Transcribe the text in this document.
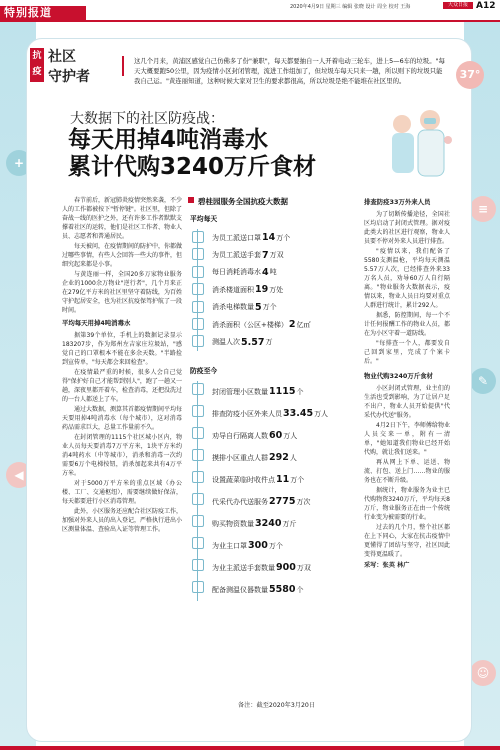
特别报道	2020年4月9日 星期三 编辑 张晓 设计 周全 校对 王海	大众日报 A12
+
◀
≡
✎
☺
抗疫
社区
守护者
这几个月来，黄浦区感觉自己仿佛多了份"兼职"，每天都要抽自一人开着电动三轮车，进上5—6车的垃圾。"每天大概要跑50公里，因为疫情小区封闭管理，流进工作组加了，但垃圾车每天只来一趟，所以则下的垃圾只能我自己运。"黄连丽知道，这种时候大家对卫生的要求都很高，所以垃圾是绝不能堆在社区里的。	37°
大数据下的社区防疫战：
每天用掉4吨消毒水
累计代购3240万斤食材

春节前后，新冠肺炎疫情突然来袭，不少人的工作都被按下"暂停键"。社区里，但除了奋战一线的医护之外，还有许多工作者默默支撑着社区的运转，他们是社区工作者、物业人员、志愿者和普通居民。

每天被问，在疫情期间的防护中，你都做过哪些事情，有些人会回答一些大的事件，但细究起来都是小事。

与黄连丽一样，全国20多万家物业服务企业的1000余万物业"逆行者"，几个月来正在279亿平方米的社区里坚守着防线，为百姓守护起居安全，也为社区抗疫保驾护航了一段时间。

平均每天用掉4吨消毒水

据第39个单位，手机上的数据记录显示183207步，作为郑州左吉家庄垃圾站，"感觉自己的口罩根本不能在多余天数。"半路捡到宣传单，"每天都会来回检查"。

在疫情最严重的时候，很多人会自己觉得"保护好自己才能帮到别人"，跑了一趟又一趟，深夜里都开着车，检查消毒，还把没洗过的一台人都送上了车。

通过大数据，测算其首都疫情期间平均每天要用掉4吨消毒水（每个城市），这对消毒药品需求巨大，总量工作量前不久。

在封闭管理的1115个社区城小区内，物业人员每天要消毒7万平方米，1块平方米约消4吨药水（中等城市），消杀和消毒一次约需要6万个电梯按钮，消杀加起来共有4万平方米。

对于5000万平方米的重点区域（办公楼、工厂、交通枢纽），需要继续做好保洁，每天都要进行小区消毒管理。

此外，小区服务还应配合社区防疫工作，加强对外来人员的出入登记，严格执行进出小区测量体温、查验出入证等管理工作。

碧桂园服务全国抗疫大数据
平均每天
为员工派送口罩 14 万个
为员工派送手套 7 万双
每日消耗消毒水 4 吨
消杀楼道面积 19 万处
消杀电梯数量 5 万个
消杀面积（公区+楼梯） 2 亿㎡
测温人次 5.57 万
防疫至今
封闭管理小区数量 1115 个
排查防疫小区外来人员 33.45 万人
劝导自行隔离人数 60 万人
摸排小区重点人群 292 人
设置蔬菜临时收件点 11 万个
代采代办代送服务 2775 万次
购买物资数量 3240 万斤
为业主口罩 300 万个
为业主派送手套数量 900 万双
配备测温仪器数量 5580 个
备注：截至2020年3月20日
排查防疫33万外来人员

为了切断传播途径，全国社区均启动了封闭式管理。据对疫此类大的社区进行观察，物业人员要不停对外来人员进行排查。

"疫情以来，我们配备了5580支测温枪，平均每天测温5.57万人次，已经排查外来33万名人员，劝导60万人自行隔离。"物业服务大数据表示，疫情以来，物业人员日均要对重点人群进行统计，累计292人。

据悉，防控期间，每一个不计任何报酬工作的物业人员，都在为小区守着一道防线。

"每排查一个人，都要发自己回到家里，完成了个案卡后。"

物业代购3240万斤食材

小区封闭式管理，业主们的生活也受到影响，为了让居户足不出户，物业人员开始提供"代采代办代送"服务。

4月2日下午，李师傅给物业人员交来一单，附有一清单，"她知道我们物业已经开始代购，就让我们送来。"

再从网上下单、运送、物流、打包、送上门……物业的服务也在不断升级。

据统计，物业服务为业主已代购物资3240万斤，平均每天8万斤，物业服务正在由一个传统行业变为被需要的行业。

过去的几个月，整个社区都在上下同心，大家在抗击疫情中更懂得了团结与坚守，社区因此变得更温暖了。

采写：张英 林广
